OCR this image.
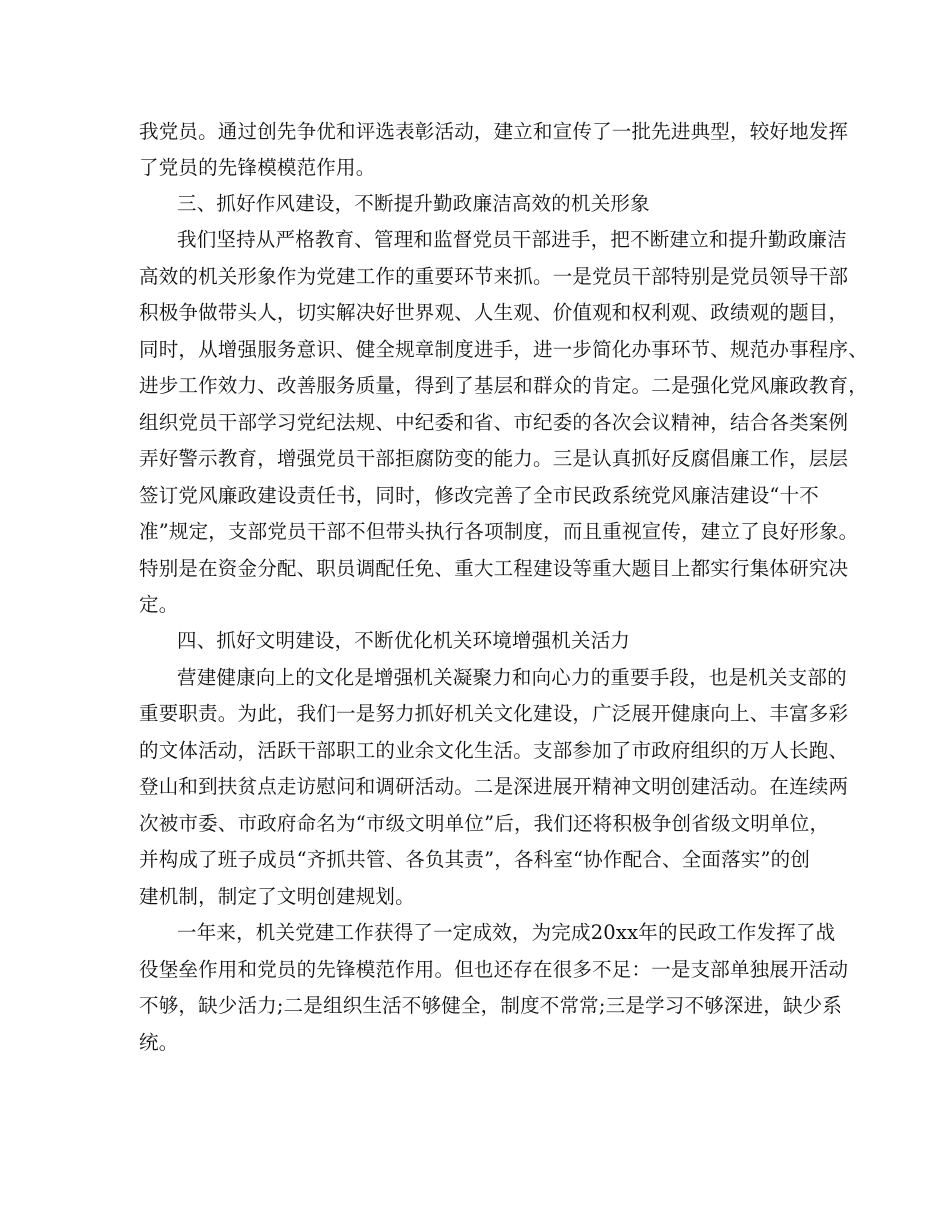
我党员。通过创先争优和评选表彰活动，建立和宣传了一批先进典型，较好地发挥
了党员的先锋模模范作用。
三、抓好作风建设，不断提升勤政廉洁高效的机关形象
我们坚持从严格教育、管理和监督党员干部进手，把不断建立和提升勤政廉洁
高效的机关形象作为党建工作的重要环节来抓。一是党员干部特别是党员领导干部
积极争做带头人，切实解决好世界观、人生观、价值观和权利观、政绩观的题目，
同时，从增强服务意识、健全规章制度进手，进一步简化办事环节、规范办事程序、
进步工作效力、改善服务质量，得到了基层和群众的肯定。二是强化党风廉政教育，
组织党员干部学习党纪法规、中纪委和省、市纪委的各次会议精神，结合各类案例
弄好警示教育，增强党员干部拒腐防变的能力。三是认真抓好反腐倡廉工作，层层
签订党风廉政建设责任书，同时，修改完善了全市民政系统党风廉洁建设“十不
准”规定，支部党员干部不但带头执行各项制度，而且重视宣传，建立了良好形象。
特别是在资金分配、职员调配任免、重大工程建设等重大题目上都实行集体研究决
定。
四、抓好文明建设，不断优化机关环境增强机关活力
营建健康向上的文化是增强机关凝聚力和向心力的重要手段，也是机关支部的
重要职责。为此，我们一是努力抓好机关文化建设，广泛展开健康向上、丰富多彩
的文体活动，活跃干部职工的业余文化生活。支部参加了市政府组织的万人长跑、
登山和到扶贫点走访慰问和调研活动。二是深进展开精神文明创建活动。在连续两
次被市委、市政府命名为“市级文明单位”后，我们还将积极争创省级文明单位，
并构成了班子成员“齐抓共管、各负其责”，各科室“协作配合、全面落实”的创
建机制，制定了文明创建规划。
一年来，机关党建工作获得了一定成效，为完成20xx年的民政工作发挥了战
役堡垒作用和党员的先锋模范作用。但也还存在很多不足：一是支部单独展开活动
不够，缺少活力;二是组织生活不够健全，制度不常常;三是学习不够深进，缺少系
统。
